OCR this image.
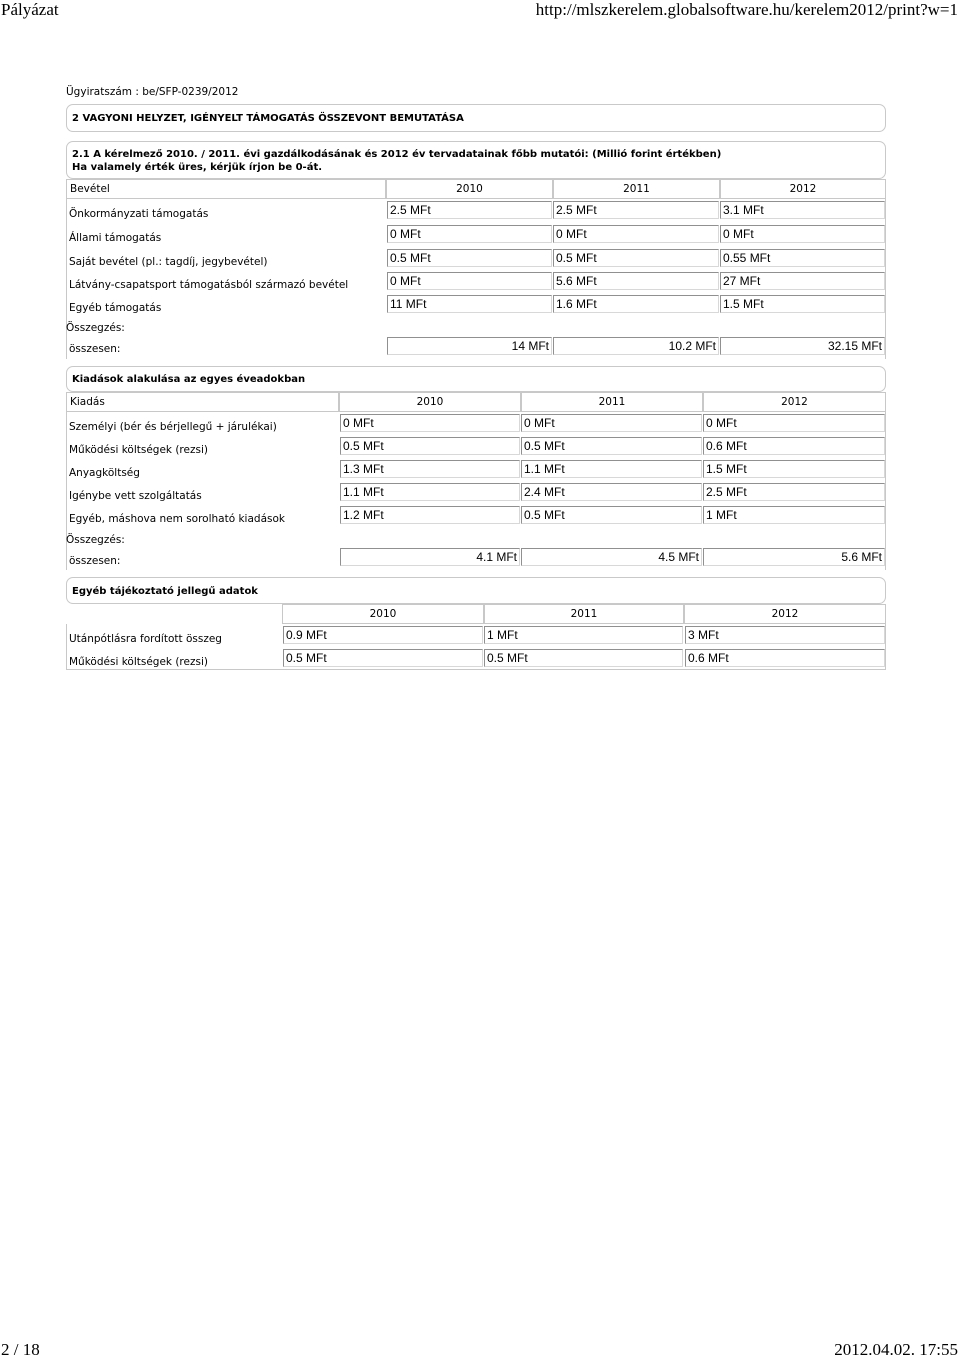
Pályázat	http://mlszkerelem.globalsoftware.hu/kerelem2012/print?w=1
2 / 18	2012.04.02. 17:55
Ügyiratszám : be/SFP-0239/2012
2 VAGYONI HELYZET, IGÉNYELT TÁMOGATÁS ÖSSZEVONT BEMUTATÁSA
2.1 A kérelmező 2010. / 2011. évi gazdálkodásának és 2012 év tervadatainak főbb mutatói: (Millió forint értékben)
Ha valamely érték üres, kérjük írjon be 0-át.
Bevétel	2010	2011	2012
Önkormányzati támogatás	2.5 MFt	2.5 MFt	3.1 MFt
Állami támogatás	0 MFt	0 MFt	0 MFt
Saját bevétel (pl.: tagdíj, jegybevétel)	0.5 MFt	0.5 MFt	0.55 MFt
Látvány-csapatsport támogatásból származó bevétel	0 MFt	5.6 MFt	27 MFt
Egyéb támogatás	11 MFt	1.6 MFt	1.5 MFt
Összegzés:
összesen:	14 MFt	10.2 MFt	32.15 MFt
Kiadások alakulása az egyes éveadokban
Kiadás	2010	2011	2012
Személyi (bér és bérjellegű + járulékai)	0 MFt	0 MFt	0 MFt
Működési költségek (rezsi)	0.5 MFt	0.5 MFt	0.6 MFt
Anyagköltség	1.3 MFt	1.1 MFt	1.5 MFt
Igénybe vett szolgáltatás	1.1 MFt	2.4 MFt	2.5 MFt
Egyéb, máshova nem sorolható kiadások	1.2 MFt	0.5 MFt	1 MFt
Összegzés:
összesen:	4.1 MFt	4.5 MFt	5.6 MFt
Egyéb tájékoztató jellegű adatok
2010	2011	2012
Utánpótlásra fordított összeg	0.9 MFt	1 MFt	3 MFt
Működési költségek (rezsi)	0.5 MFt	0.5 MFt	0.6 MFt
